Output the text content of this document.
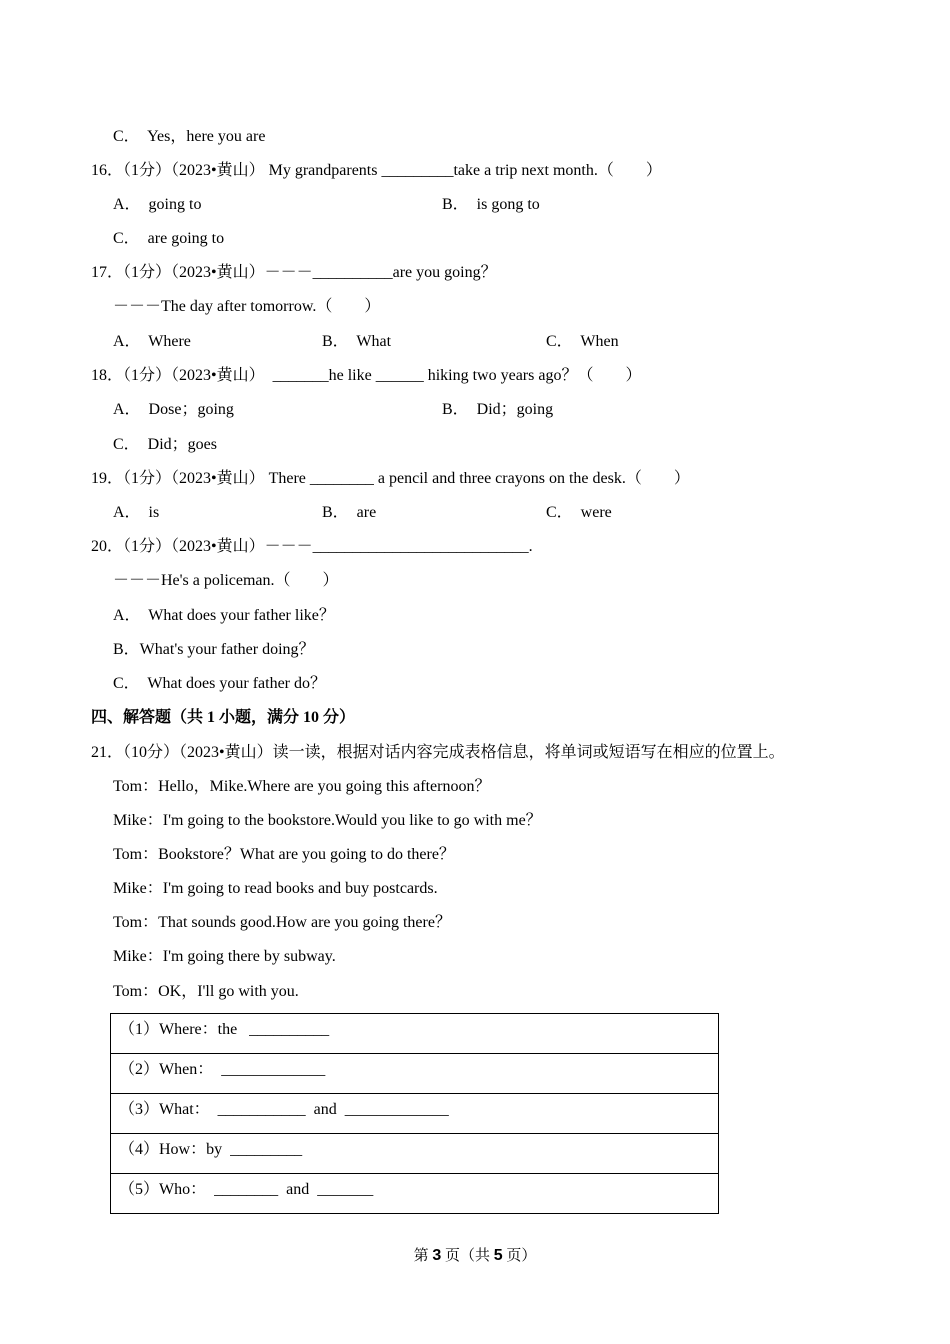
C．  Yes，here you are
16．（1分）（2023•黄山） My grandparents _________take a trip next month.（        ）
A．  going to	B．  is gong to
C．  are going to
17．（1分）（2023•黄山）－－－__________are you going？
－－－The day after tomorrow.（        ）
A．  Where	B．  What	C．  When
18．（1分）（2023•黄山）  _______he like ______ hiking two years ago？（        ）
A．  Dose；going	B．  Did；going
C．  Did；goes
19．（1分）（2023•黄山） There ________ a pencil and three crayons on the desk.（        ）
A．  is	B．  are	C．  were
20．（1分）（2023•黄山）－－－___________________________.
－－－He's a policeman.（        ）
A．  What does your father like？
B．What's your father doing？
C．  What does your father do？
四、解答题（共 1 小题，满分 10 分）
21．（10分）（2023•黄山）读一读，根据对话内容完成表格信息，将单词或短语写在相应的位置上。
Tom：Hello，Mike.Where are you going this afternoon？
Mike：I'm going to the bookstore.Would you like to go with me？
Tom：Bookstore？What are you going to do there？
Mike：I'm going to read books and buy postcards.
Tom：That sounds good.How are you going there？
Mike：I'm going there by subway.
Tom：OK，I'll go with you.
（1）Where：the   __________
（2）When：  _____________
（3）What：  ___________  and  _____________
（4）How：by  _________
（5）Who：  ________  and  _______
第 3 页（共 5 页）
